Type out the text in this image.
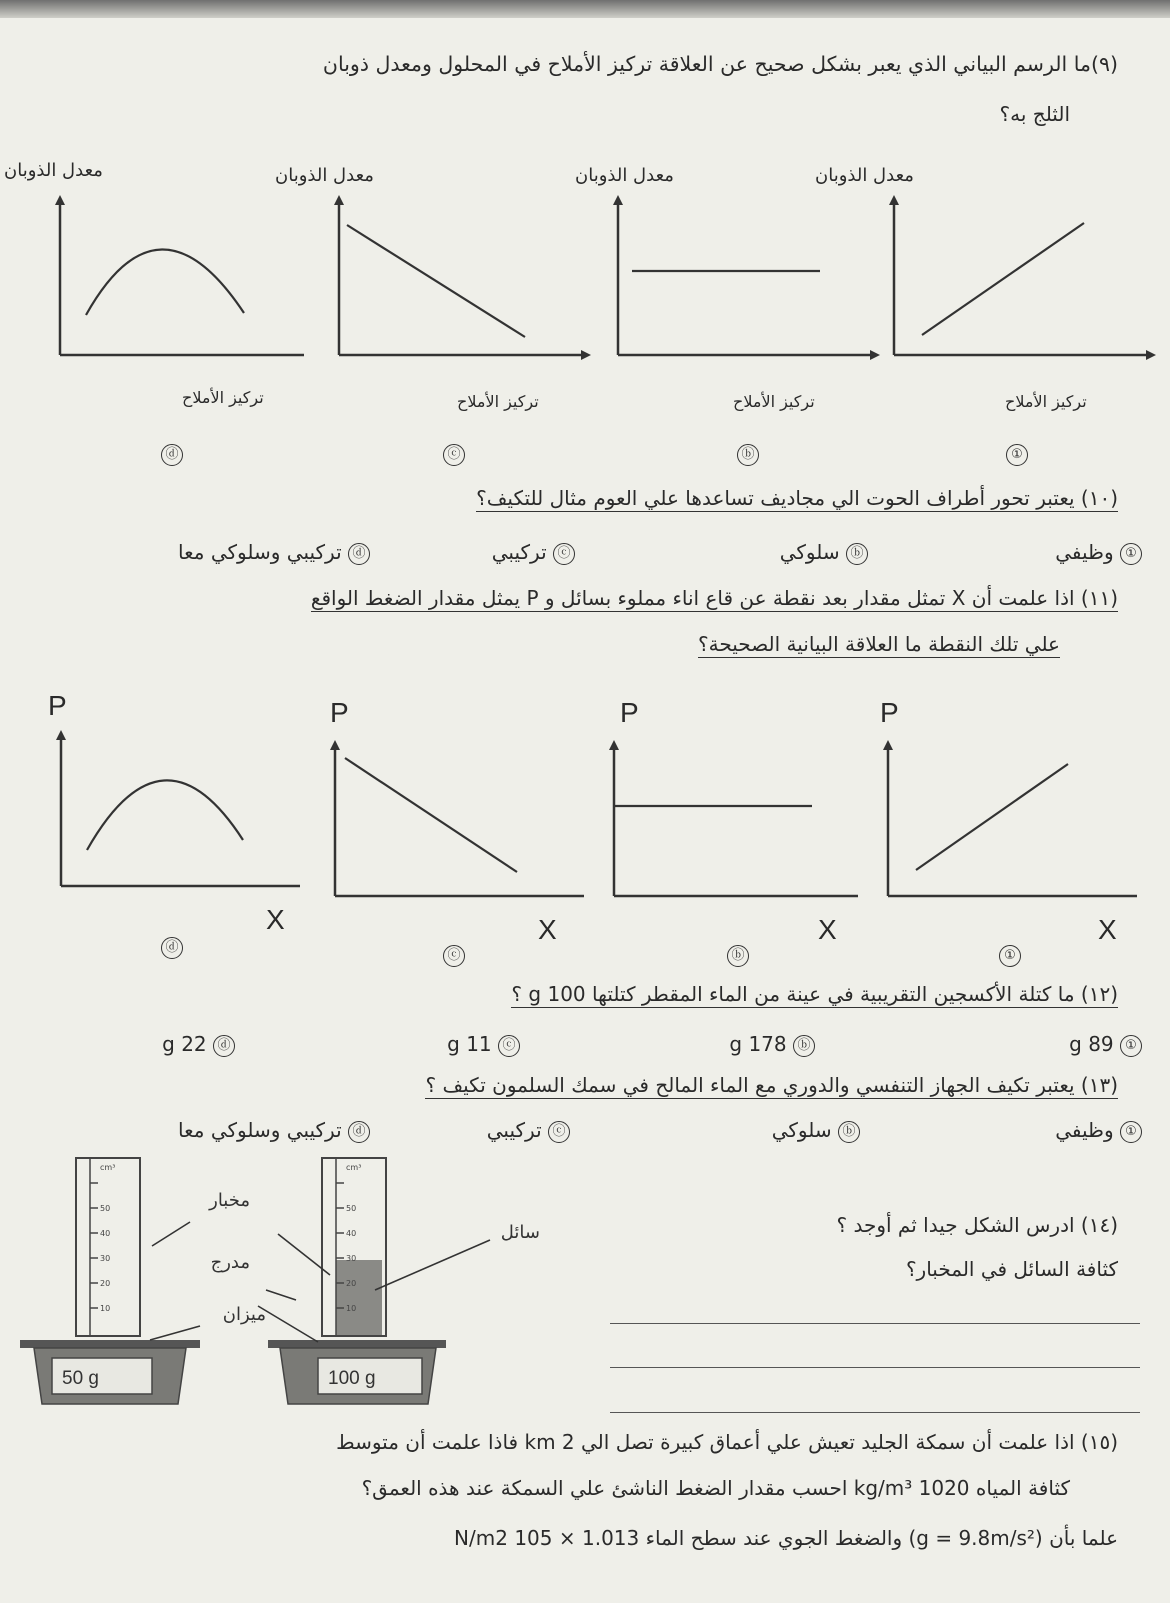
(٩)ما الرسم البياني الذي يعبر بشكل صحيح عن العلاقة تركيز الأملاح في المحلول ومعدل ذوبان
الثلج به؟
معدل الذوبان
تركيز الأملاح
①
معدل الذوبان
تركيز الأملاح
ⓑ
معدل الذوبان
تركيز الأملاح
ⓒ
معدل الذوبان
تركيز الأملاح
ⓓ
(١٠) يعتبر تحور أطراف الحوت الي مجاديف تساعدها علي العوم مثال للتكيف؟
① وظيفي
ⓑ سلوكي
ⓒ تركيبي
ⓓ تركيبي وسلوكي معا
(١١) اذا علمت أن X تمثل مقدار بعد نقطة عن قاع اناء مملوء بسائل و P يمثل مقدار الضغط الواقع
علي تلك النقطة ما العلاقة البيانية الصحيحة؟
P
X
①
P
X
ⓑ
P
X
ⓒ
P
X
ⓓ
(١٢) ما كتلة الأكسجين التقريبية في عينة من الماء المقطر كتلتها 100 g ؟
① 89 g
ⓑ 178 g
ⓒ 11 g
ⓓ 22 g
(١٣) يعتبر تكيف الجهاز التنفسي والدوري مع الماء المالح في سمك السلمون تكيف ؟
① وظيفي
ⓑ سلوكي
ⓒ تركيبي
ⓓ تركيبي وسلوكي معا
(١٤) ادرس الشكل جيدا ثم أوجد ؟
كثافة السائل في المخبار؟
10
20
30
40
50
cm³
50 g
10
20
30
40
50
cm³
100 g
مخبار
مدرج
ميزان
سائل
(١٥) اذا علمت أن سمكة الجليد تعيش علي أعماق كبيرة تصل الي 2 km فاذا علمت أن متوسط
كثافة المياه 1020 kg/m³ احسب مقدار الضغط الناشئ علي السمكة عند هذه العمق؟
علما بأن (g = 9.8m/s²) والضغط الجوي عند سطح الماء 1.013 × 105 N/m2
